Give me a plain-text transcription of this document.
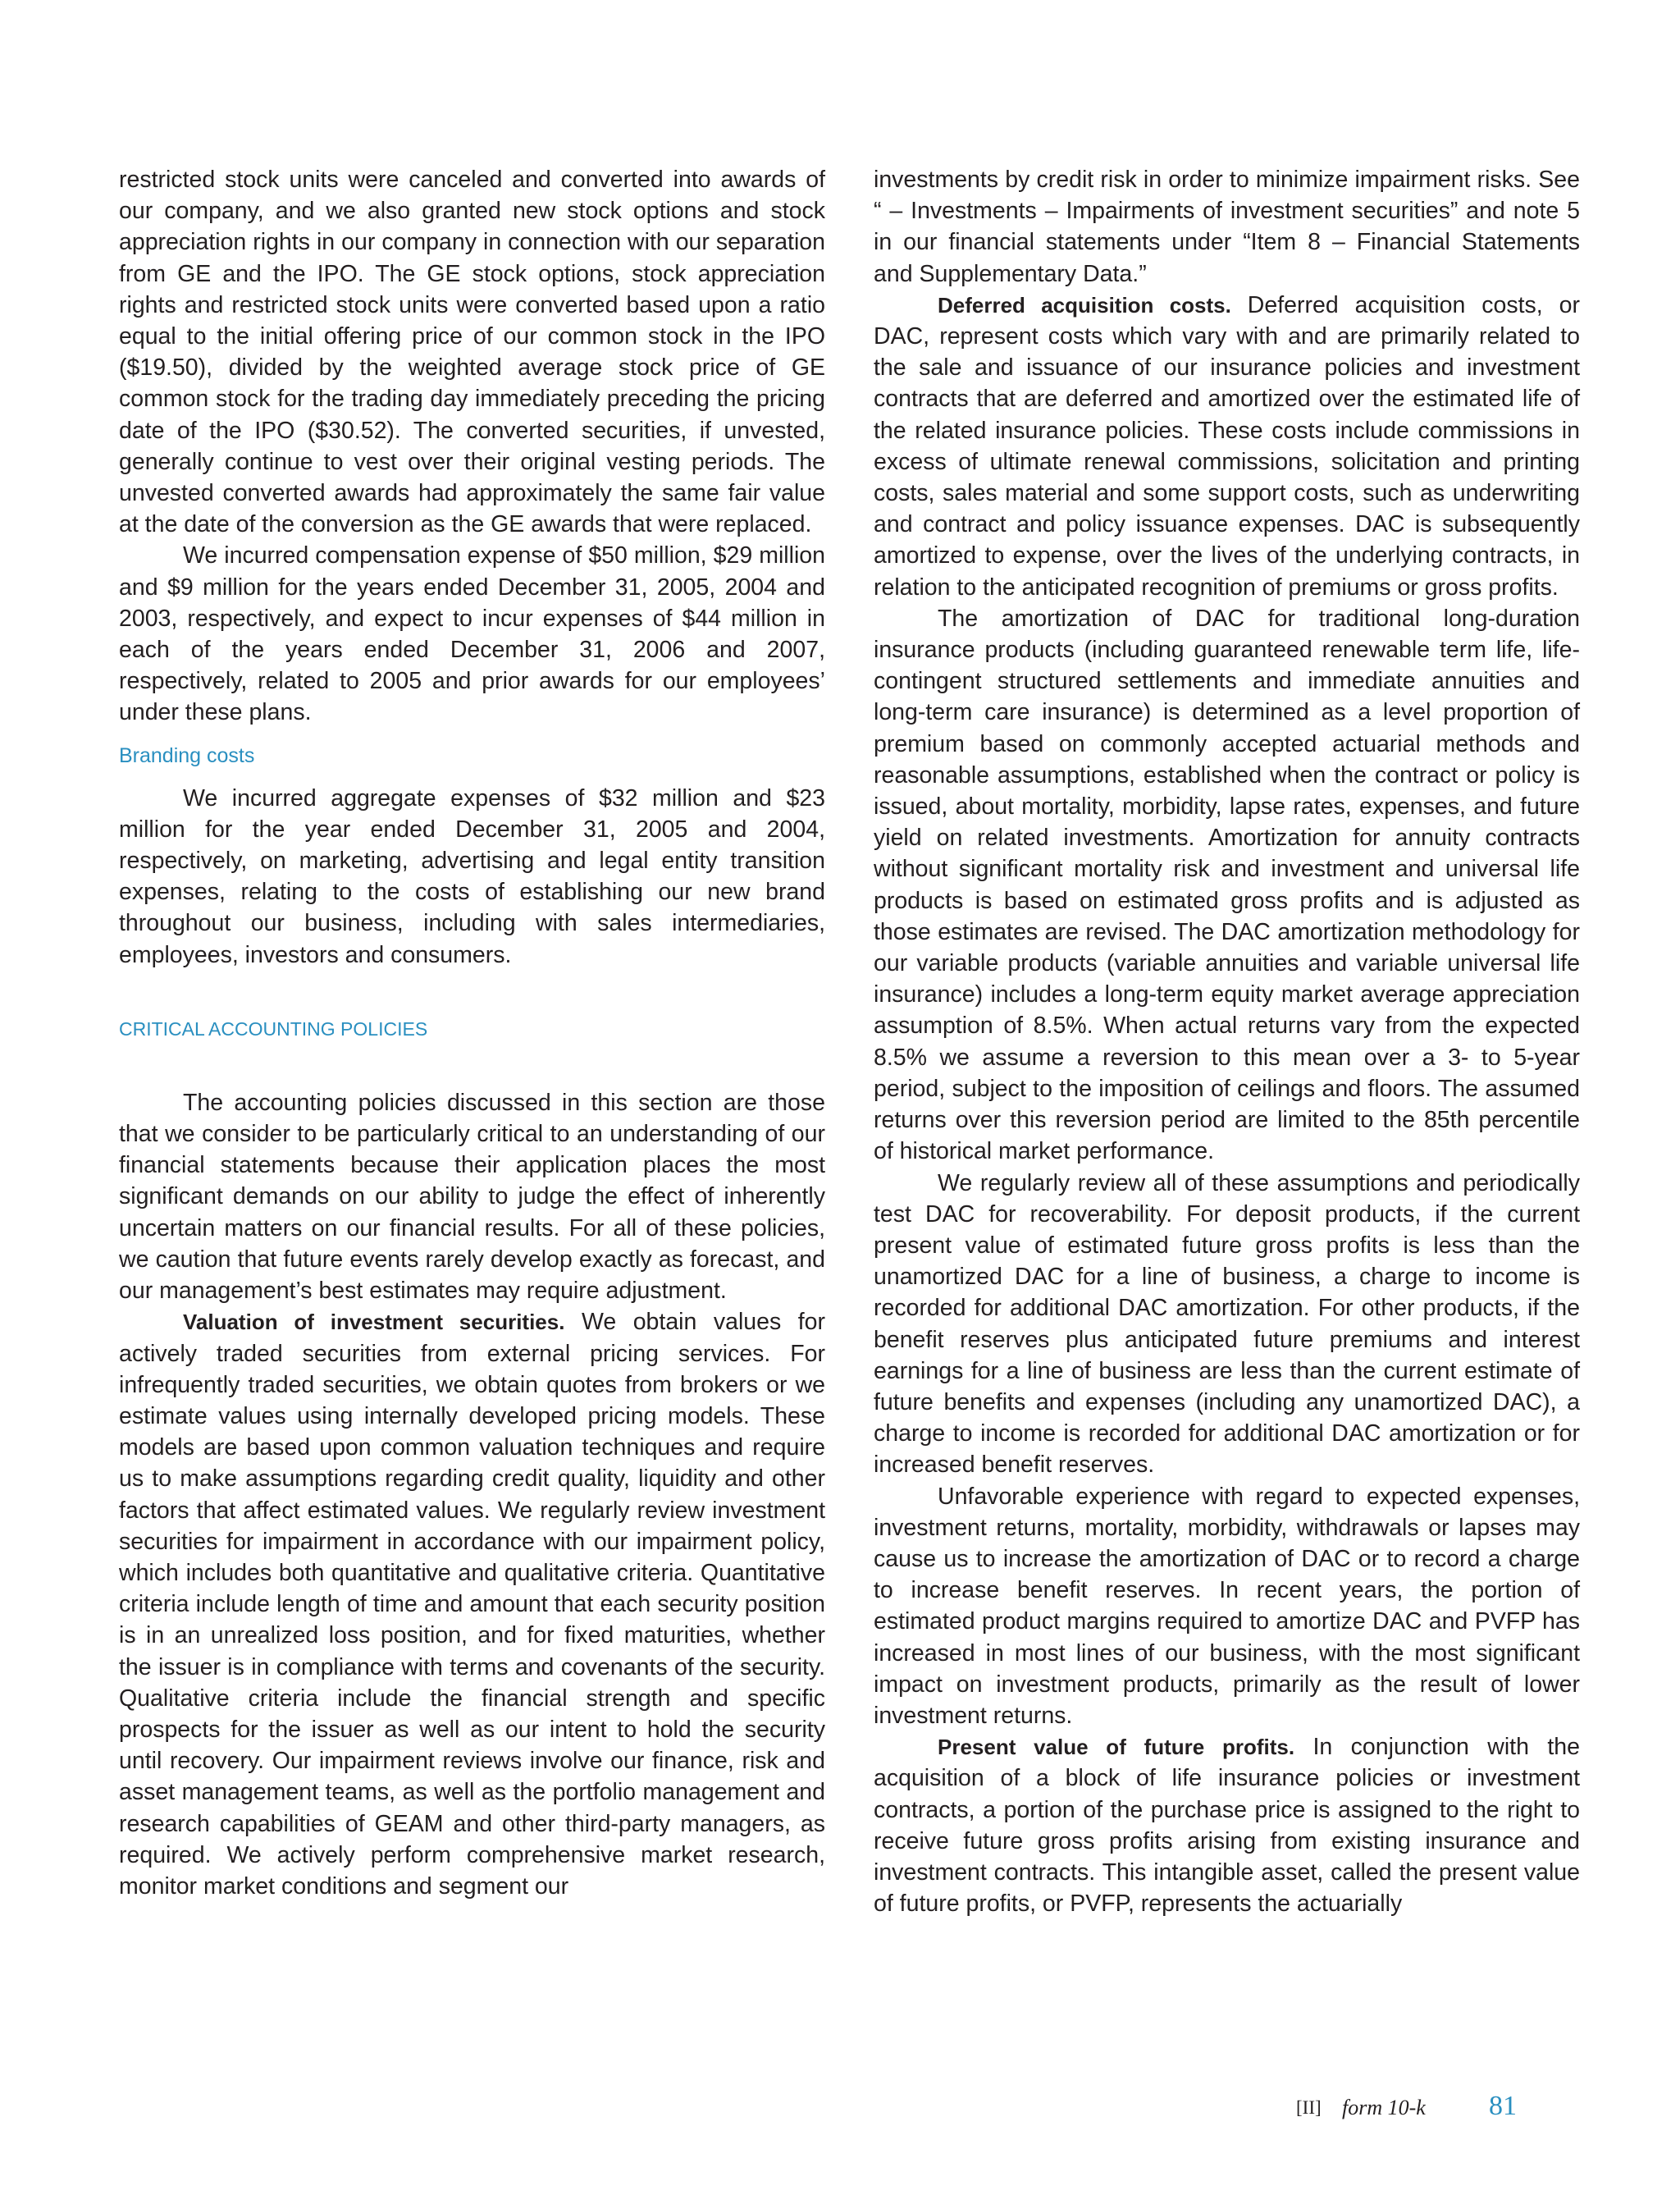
restricted stock units were canceled and converted into awards of our company, and we also granted new stock options and stock appreciation rights in our company in connection with our separation from GE and the IPO. The GE stock options, stock appreciation rights and restricted stock units were converted based upon a ratio equal to the initial offering price of our common stock in the IPO ($19.50), divided by the weighted average stock price of GE common stock for the trading day immediately preceding the pricing date of the IPO ($30.52). The converted securities, if unvested, generally continue to vest over their original vesting periods. The unvested converted awards had approximately the same fair value at the date of the conversion as the GE awards that were replaced.

We incurred compensation expense of $50 million, $29 million and $9 million for the years ended December 31, 2005, 2004 and 2003, respectively, and expect to incur expenses of $44 million in each of the years ended December 31, 2006 and 2007, respectively, related to 2005 and prior awards for our employees’ under these plans.

Branding costs

We incurred aggregate expenses of $32 million and $23 million for the year ended December 31, 2005 and 2004, respectively, on marketing, advertising and legal entity transition expenses, relating to the costs of establishing our new brand throughout our business, including with sales intermediaries, employees, investors and consumers.

CRITICAL ACCOUNTING POLICIES

The accounting policies discussed in this section are those that we consider to be particularly critical to an understanding of our financial statements because their application places the most significant demands on our ability to judge the effect of inherently uncertain matters on our financial results. For all of these policies, we caution that future events rarely develop exactly as forecast, and our management’s best estimates may require adjustment.

Valuation of investment securities. We obtain values for actively traded securities from external pricing services. For infrequently traded securities, we obtain quotes from brokers or we estimate values using internally developed pricing models. These models are based upon common valuation techniques and require us to make assumptions regarding credit quality, liquidity and other factors that affect estimated values. We regularly review investment securities for impairment in accordance with our impairment policy, which includes both quantitative and qualitative criteria. Quantitative criteria include length of time and amount that each security position is in an unrealized loss position, and for fixed maturities, whether the issuer is in compliance with terms and covenants of the security. Qualitative criteria include the financial strength and specific prospects for the issuer as well as our intent to hold the security until recovery. Our impairment reviews involve our finance, risk and asset management teams, as well as the portfolio management and research capabilities of GEAM and other third-party managers, as required. We actively perform comprehensive market research, monitor market conditions and segment our

investments by credit risk in order to minimize impairment risks. See “ – Investments – Impairments of investment securities” and note 5 in our financial statements under “Item 8 – Financial Statements and Supplementary Data.”

Deferred acquisition costs. Deferred acquisition costs, or DAC, represent costs which vary with and are primarily related to the sale and issuance of our insurance policies and investment contracts that are deferred and amortized over the estimated life of the related insurance policies. These costs include commissions in excess of ultimate renewal commissions, solicitation and printing costs, sales material and some support costs, such as underwriting and contract and policy issuance expenses. DAC is subsequently amortized to expense, over the lives of the underlying contracts, in relation to the anticipated recognition of premiums or gross profits.

The amortization of DAC for traditional long-duration insurance products (including guaranteed renewable term life, life-contingent structured settlements and immediate annuities and long-term care insurance) is determined as a level proportion of premium based on commonly accepted actuarial methods and reasonable assumptions, established when the contract or policy is issued, about mortality, morbidity, lapse rates, expenses, and future yield on related investments. Amortization for annuity contracts without significant mortality risk and investment and universal life products is based on estimated gross profits and is adjusted as those estimates are revised. The DAC amortization methodology for our variable products (variable annuities and variable universal life insurance) includes a long-term equity market average appreciation assumption of 8.5%. When actual returns vary from the expected 8.5% we assume a reversion to this mean over a 3- to 5-year period, subject to the imposition of ceilings and floors. The assumed returns over this reversion period are limited to the 85th percentile of historical market performance.

We regularly review all of these assumptions and periodically test DAC for recoverability. For deposit products, if the current present value of estimated future gross profits is less than the unamortized DAC for a line of business, a charge to income is recorded for additional DAC amortization. For other products, if the benefit reserves plus anticipated future premiums and interest earnings for a line of business are less than the current estimate of future benefits and expenses (including any unamortized DAC), a charge to income is recorded for additional DAC amortization or for increased benefit reserves.

Unfavorable experience with regard to expected expenses, investment returns, mortality, morbidity, withdrawals or lapses may cause us to increase the amortization of DAC or to record a charge to increase benefit reserves. In recent years, the portion of estimated product margins required to amortize DAC and PVFP has increased in most lines of our business, with the most significant impact on investment products, primarily as the result of lower investment returns.

Present value of future profits. In conjunction with the acquisition of a block of life insurance policies or investment contracts, a portion of the purchase price is assigned to the right to receive future gross profits arising from existing insurance and investment contracts. This intangible asset, called the present value of future profits, or PVFP, represents the actuarially

[II] form 10-k 81
